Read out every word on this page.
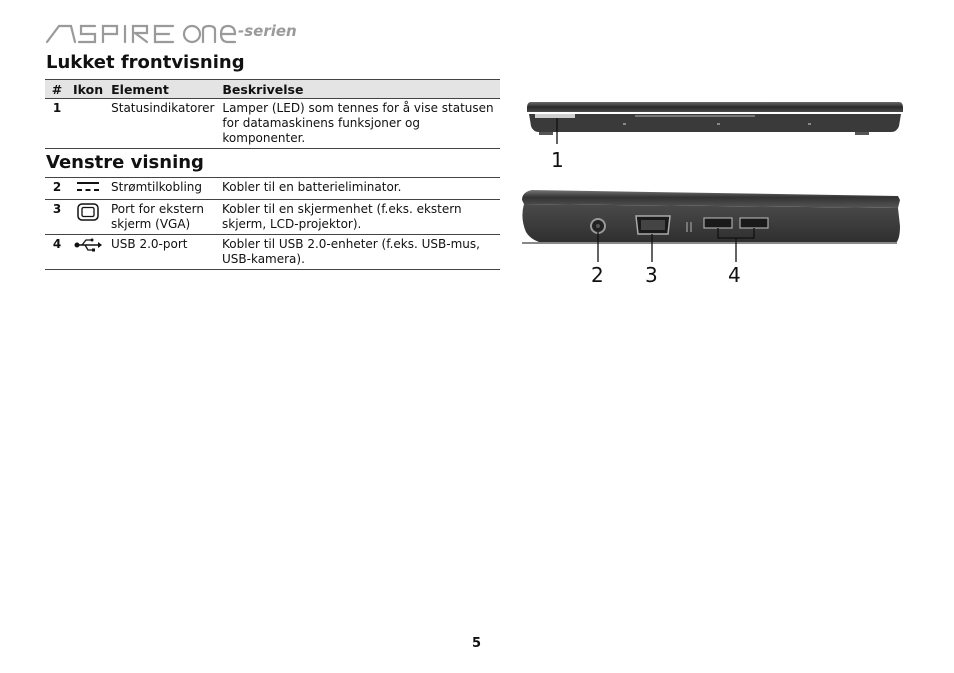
-serien
Lukket frontvisning
#	Ikon	Element	Beskrivelse
1		Statusindikatorer	Lamper (LED) som tennes for å vise statusen for datamaskinens funksjoner og komponenter.
Venstre visning
2		Strømtilkobling	Kobler til en batterieliminator.
3		Port for ekstern skjerm (VGA)	Kobler til en skjermenhet (f.eks. ekstern skjerm, LCD-projektor).
4		USB 2.0-port	Kobler til USB 2.0-enheter (f.eks. USB-mus, USB-kamera).
1
2 3	4
5
